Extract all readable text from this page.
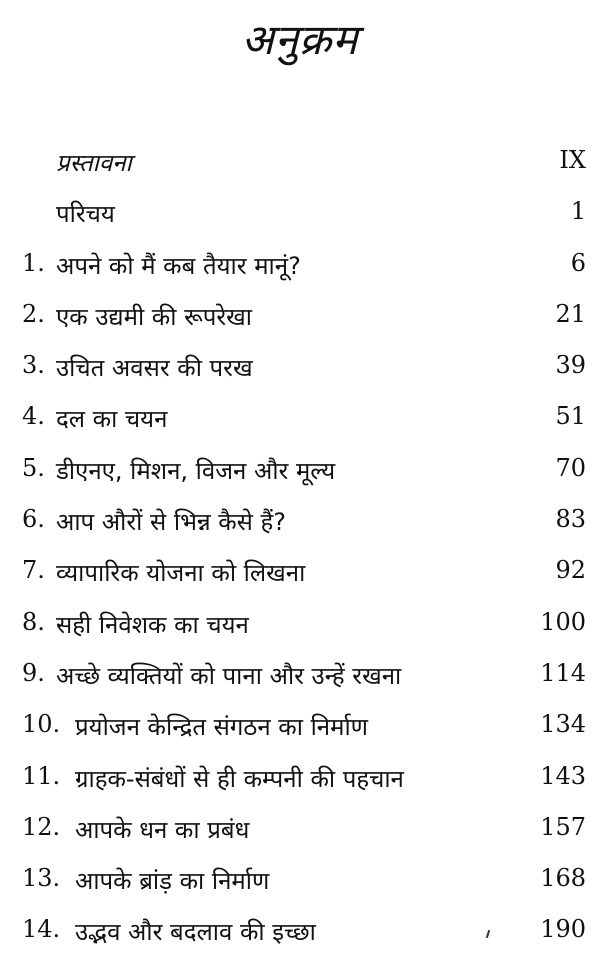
अनुक्रम
प्रस्तावना	IX
परिचय	1
1. अपने को मैं कब तैयार मानूं?	6
2. एक उद्यमी की रूपरेखा	21
3. उचित अवसर की परख	39
4. दल का चयन	51
5. डीएनए, मिशन, विजन और मूल्य	70
6. आप औरों से भिन्न कैसे हैं?	83
7. व्यापारिक योजना को लिखना	92
8. सही निवेशक का चयन	100
9. अच्छे व्यक्तियों को पाना और उन्हें रखना	114
10. प्रयोजन केन्द्रित संगठन का निर्माण	134
11. ग्राहक-संबंधों से ही कम्पनी की पहचान	143
12. आपके धन का प्रबंध	157
13. आपके ब्रांड़ का निर्माण	168
14. उद्भव और बदलाव की इच्छा	190
